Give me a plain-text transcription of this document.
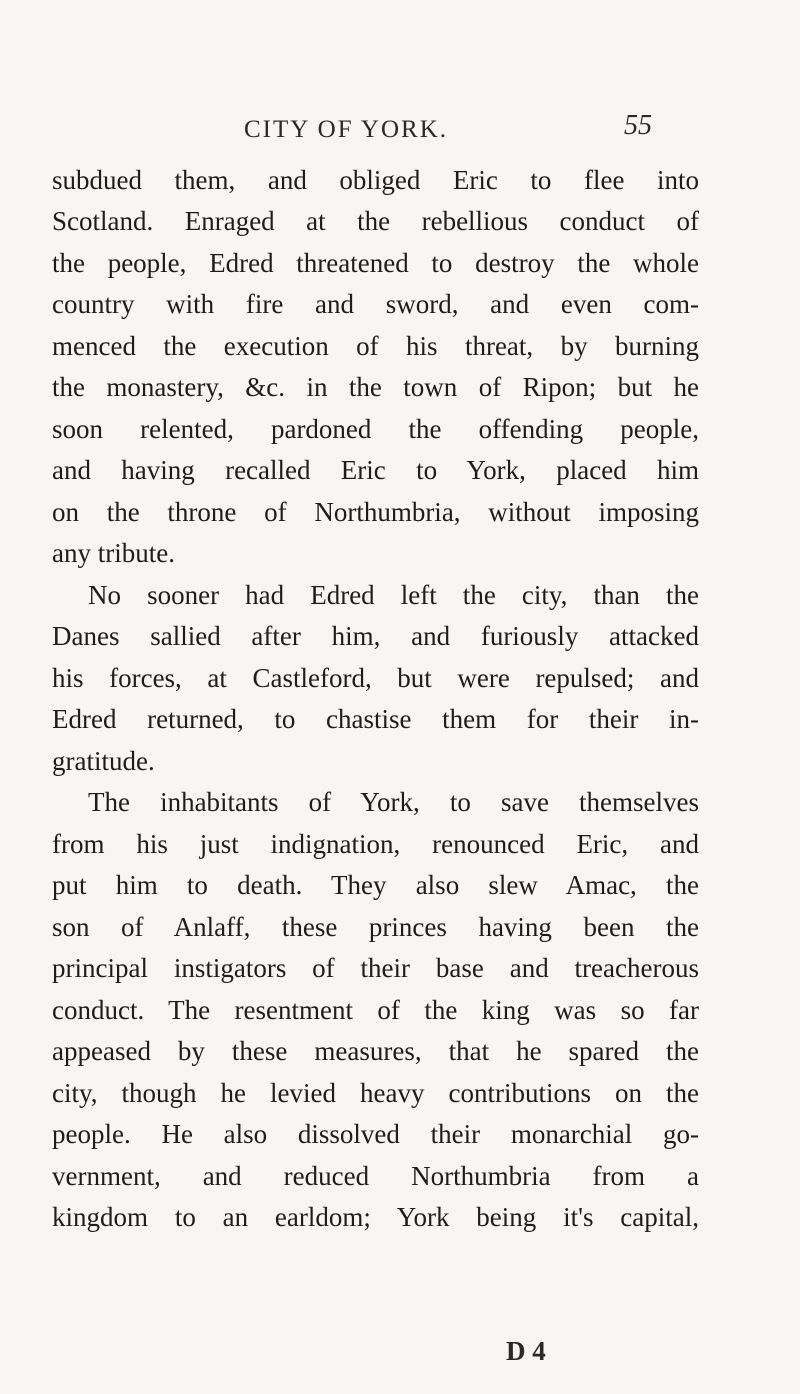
CITY OF YORK.	55
subdued them, and obliged Eric to flee into
Scotland. Enraged at the rebellious conduct of
the people, Edred threatened to destroy the whole
country with fire and sword, and even com-
menced the execution of his threat, by burning
the monastery, &c. in the town of Ripon; but he
soon relented, pardoned the offending people,
and having recalled Eric to York, placed him
on the throne of Northumbria, without imposing
any tribute.
No sooner had Edred left the city, than the
Danes sallied after him, and furiously attacked
his forces, at Castleford, but were repulsed; and
Edred returned, to chastise them for their in-
gratitude.
The inhabitants of York, to save themselves
from his just indignation, renounced Eric, and
put him to death. They also slew Amac, the
son of Anlaff, these princes having been the
principal instigators of their base and treacherous
conduct. The resentment of the king was so far
appeased by these measures, that he spared the
city, though he levied heavy contributions on the
people. He also dissolved their monarchial go-
vernment, and reduced Northumbria from a
kingdom to an earldom; York being it's capital,
D 4
